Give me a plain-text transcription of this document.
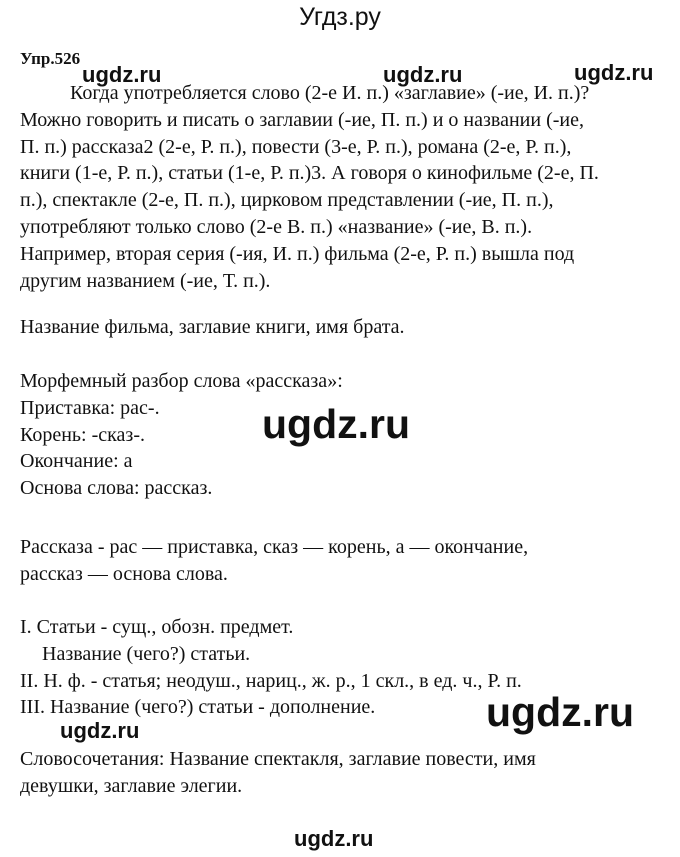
Угдз.ру
Упр.526
ugdz.ru	ugdz.ru	ugdz.ru
Когда употребляется слово (2-е И. п.) «заглавие» (-ие, И. п.)?
Можно говорить и писать о заглавии (-ие, П. п.) и о названии (-ие,
П. п.) рассказа2 (2-е, Р. п.), повести (3-е, Р. п.), романа (2-е, Р. п.),
книги (1-е, Р. п.), статьи (1-е, Р. п.)3. А говоря о кинофильме (2-е, П.
п.), спектакле (2-е, П. п.), цирковом представлении (-ие, П. п.),
употребляют только слово (2-е В. п.) «название» (-ие, В. п.).
Например, вторая серия (-ия, И. п.) фильма (2-е, Р. п.) вышла под
другим названием (-ие, Т. п.).
Название фильма, заглавие книги, имя брата.
Морфемный разбор слова «рассказа»:
Приставка: рас-.
Корень: -сказ-.
Окончание: а
Основа слова: рассказ.
ugdz.ru
Рассказа - рас — приставка, сказ — корень, а — окончание,
рассказ — основа слова.
I. Статьи - сущ., обозн. предмет.
Название (чего?) статьи.
II. Н. ф. - статья; неодуш., нариц., ж. р., 1 скл., в ед. ч., Р. п.
III. Название (чего?) статьи - дополнение.	ugdz.ru
ugdz.ru
Словосочетания: Название спектакля, заглавие повести, имя
девушки, заглавие элегии.
ugdz.ru
